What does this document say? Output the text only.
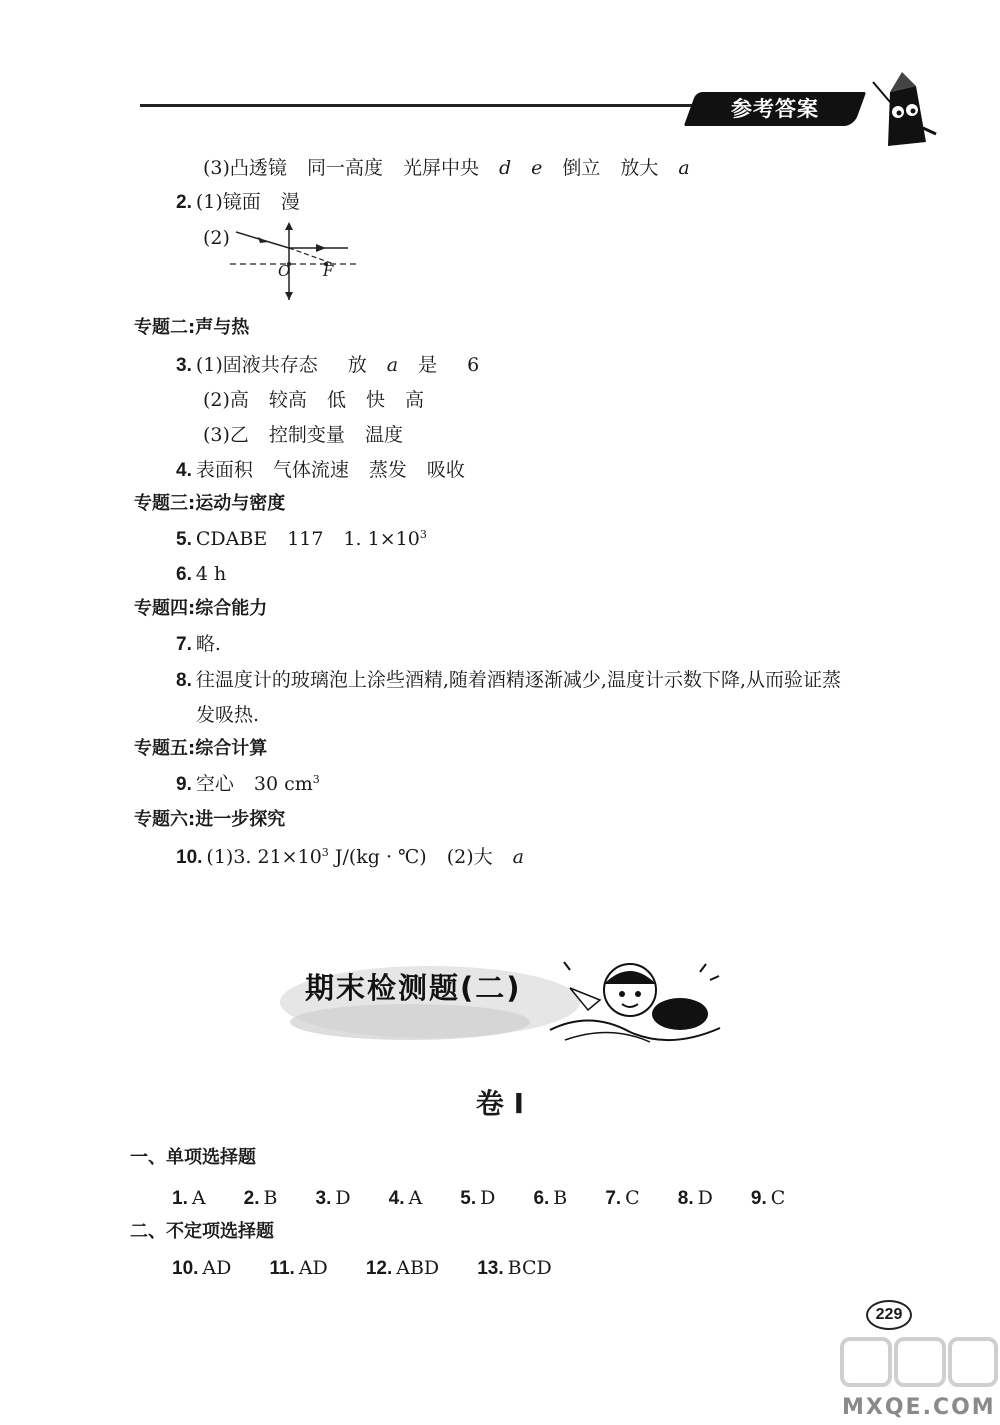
参考答案
(3)凸透镜 同一高度 光屏中央 d e 倒立 放大 a
2. (1)镜面 漫
(2)
O F
专题二:声与热
3. (1)固液共存态 放 a 是 6
(2)高 较高 低 快 高
(3)乙 控制变量 温度
4. 表面积 气体流速 蒸发 吸收
专题三:运动与密度
5. CDABE 117 1. $1\times 10^3$
6. 4 h
专题四:综合能力
7. 略.
8. 往温度计的玻璃泡上涂些酒精,随着酒精逐渐减少,温度计示数下降,从而验证蒸
发吸热.
专题五:综合计算
9. 空心 30 $cm^3$
专题六:进一步探究
10. (1)3. $21\times 10^3$ J/(kg · ℃) (2)大 a
期末检测题(二)
卷 I
一、单项选择题
1. A 2. B 3. D 4. A 5. D 6. B 7. C 8. D 9. C
二、不定项选择题
10. AD 11. AD 12. ABD 13. BCD
229
MXQE.COM
